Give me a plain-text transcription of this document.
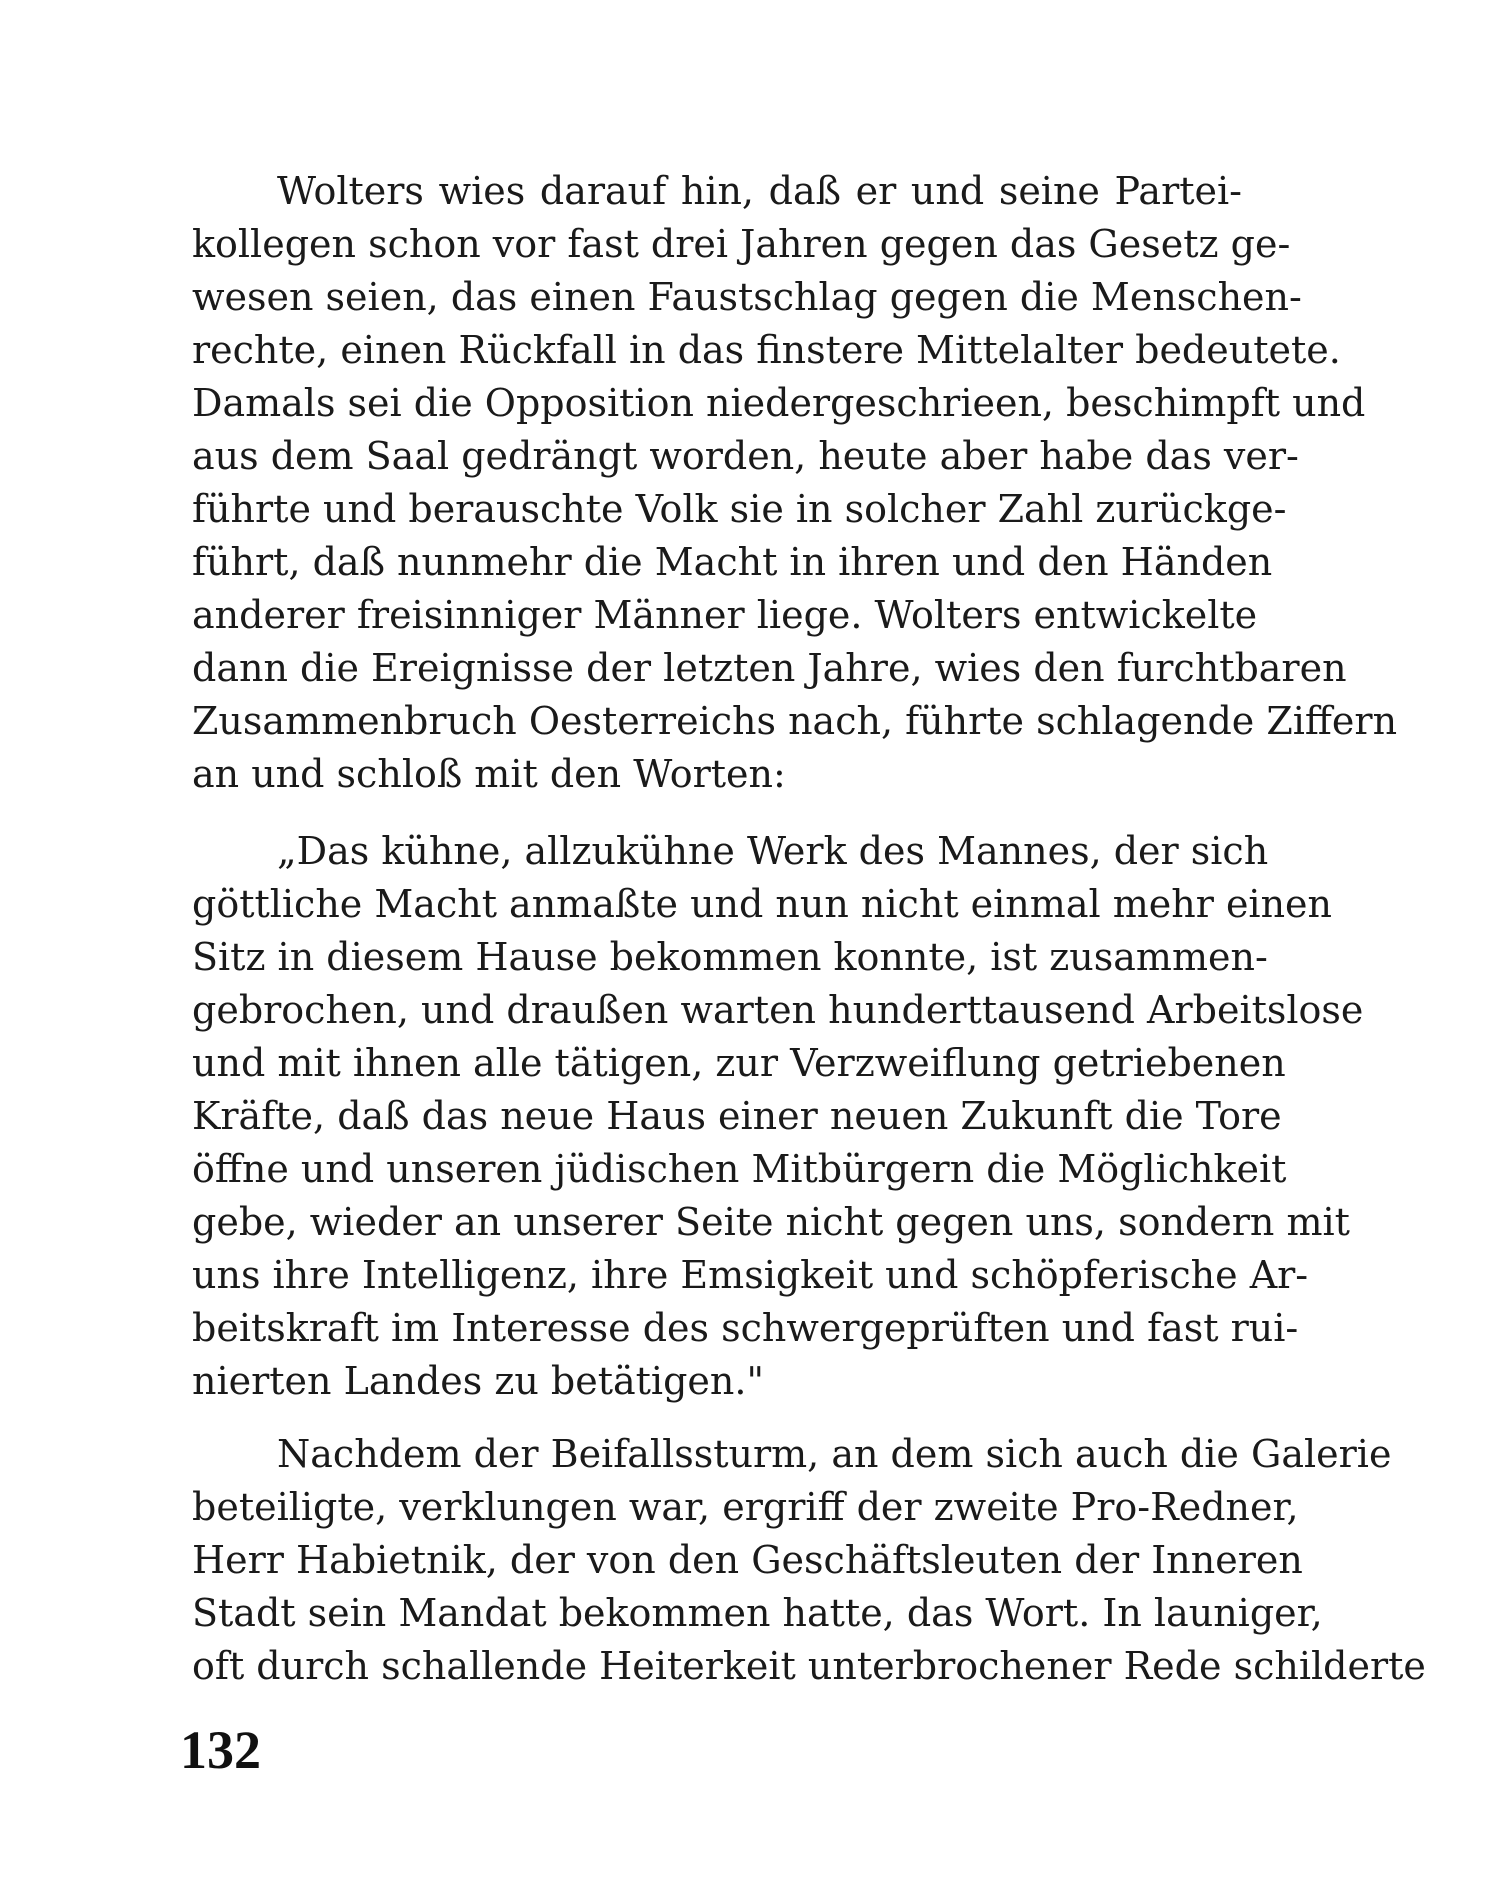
Wolters wies darauf hin, daß er und seine Partei-
kollegen schon vor fast drei Jahren gegen das Gesetz ge-
wesen seien, das einen Faustschlag gegen die Menschen-
rechte, einen Rückfall in das finstere Mittelalter bedeutete.
Damals sei die Opposition niedergeschrieen, beschimpft und
aus dem Saal gedrängt worden, heute aber habe das ver-
führte und berauschte Volk sie in solcher Zahl zurückge-
führt, daß nunmehr die Macht in ihren und den Händen
anderer freisinniger Männer liege. Wolters entwickelte
dann die Ereignisse der letzten Jahre, wies den furchtbaren
Zusammenbruch Oesterreichs nach, führte schlagende Ziffern
an und schloß mit den Worten:

„Das kühne, allzukühne Werk des Mannes, der sich
göttliche Macht anmaßte und nun nicht einmal mehr einen
Sitz in diesem Hause bekommen konnte, ist zusammen-
gebrochen, und draußen warten hunderttausend Arbeitslose
und mit ihnen alle tätigen, zur Verzweiflung getriebenen
Kräfte, daß das neue Haus einer neuen Zukunft die Tore
öffne und unseren jüdischen Mitbürgern die Möglichkeit
gebe, wieder an unserer Seite nicht gegen uns, sondern mit
uns ihre Intelligenz, ihre Emsigkeit und schöpferische Ar-
beitskraft im Interesse des schwergeprüften und fast rui-
nierten Landes zu betätigen."

Nachdem der Beifallssturm, an dem sich auch die Galerie
beteiligte, verklungen war, ergriff der zweite Pro-Redner,
Herr Habietnik, der von den Geschäftsleuten der Inneren
Stadt sein Mandat bekommen hatte, das Wort. In launiger,
oft durch schallende Heiterkeit unterbrochener Rede schilderte

132
